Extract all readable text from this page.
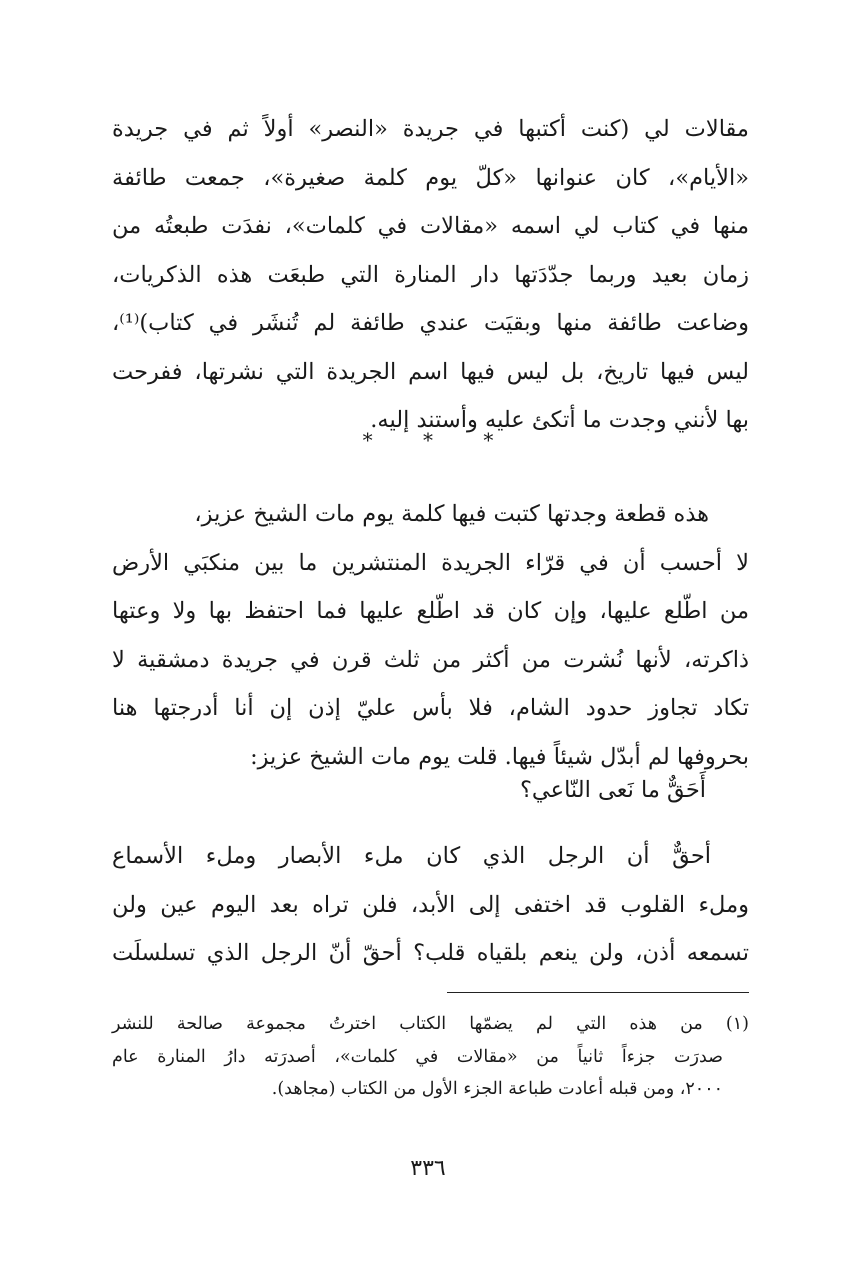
مقالات لي (كنت أكتبها في جريدة «النصر» أولاً ثم في جريدة
«الأيام»، كان عنوانها «كلّ يوم كلمة صغيرة»، جمعت طائفة
منها في كتاب لي اسمه «مقالات في كلمات»، نفدَت طبعتُه من
زمان بعيد وربما جدّدَتها دار المنارة التي طبعَت هذه الذكريات،
وضاعت طائفة منها وبقيَت عندي طائفة لم تُنشَر في كتاب)⁽¹⁾،
ليس فيها تاريخ، بل ليس فيها اسم الجريدة التي نشرتها، ففرحت
بها لأنني وجدت ما أتكئ عليه وأستند إليه.

* * *

هذه قطعة وجدتها كتبت فيها كلمة يوم مات الشيخ عزيز،
لا أحسب أن في قرّاء الجريدة المنتشرين ما بين منكبَي الأرض
من اطّلع عليها، وإن كان قد اطّلع عليها فما احتفظ بها ولا وعتها
ذاكرته، لأنها نُشرت من أكثر من ثلث قرن في جريدة دمشقية لا
تكاد تجاوز حدود الشام، فلا بأس عليّ إذن إن أنا أدرجتها هنا
بحروفها لم أبدّل شيئاً فيها. قلت يوم مات الشيخ عزيز:

أَحَقٌّ ما نَعى النّاعي؟

أحقٌّ أن الرجل الذي كان ملء الأبصار وملء الأسماع
وملء القلوب قد اختفى إلى الأبد، فلن تراه بعد اليوم عين ولن
تسمعه أذن، ولن ينعم بلقياه قلب؟ أحقّ أنّ الرجل الذي تسلسلَت

(١) من هذه التي لم يضمّها الكتاب اخترتُ مجموعة صالحة للنشر
صدرَت جزءاً ثانياً من «مقالات في كلمات»، أصدرَته دارُ المنارة عام
٢٠٠٠، ومن قبله أعادت طباعة الجزء الأول من الكتاب (مجاهد).

٣٣٦
